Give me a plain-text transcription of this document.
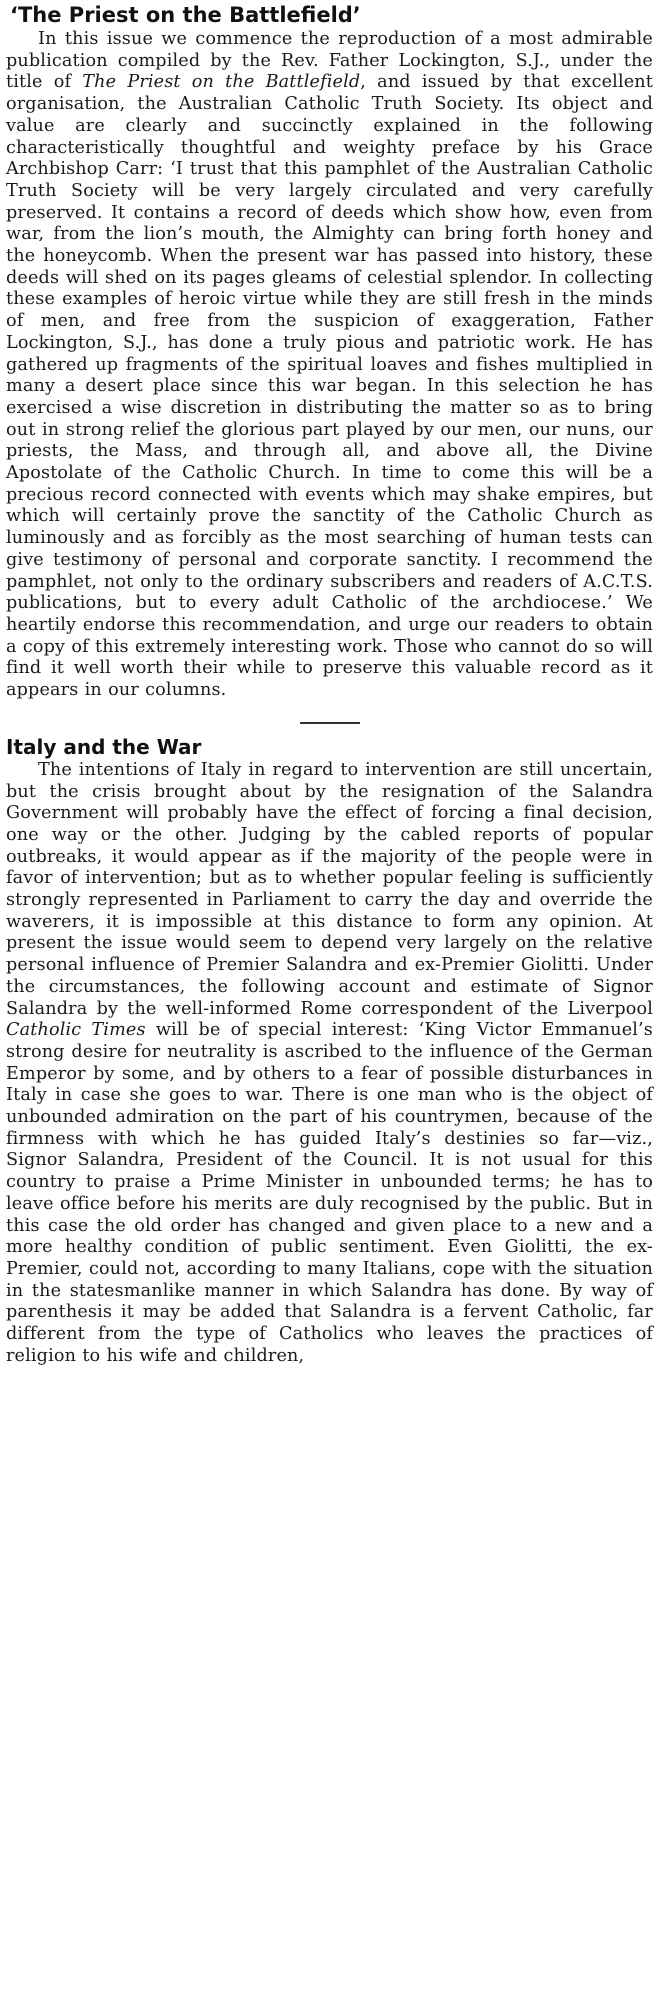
‘The Priest on the Battlefield’

In this issue we commence the reproduction of a most admirable publication compiled by the Rev. Father Lockington, S.J., under the title of The Priest on the Battlefield, and issued by that excellent organisation, the Australian Catholic Truth Society. Its object and value are clearly and succinctly explained in the following characteristically thoughtful and weighty preface by his Grace Archbishop Carr: ‘I trust that this pamphlet of the Australian Catholic Truth Society will be very largely circulated and very carefully preserved. It contains a record of deeds which show how, even from war, from the lion’s mouth, the Almighty can bring forth honey and the honeycomb. When the present war has passed into history, these deeds will shed on its pages gleams of celestial splendor. In collecting these examples of heroic virtue while they are still fresh in the minds of men, and free from the suspicion of exaggeration, Father Lockington, S.J., has done a truly pious and patriotic work. He has gathered up fragments of the spiritual loaves and fishes multiplied in many a desert place since this war began. In this selection he has exercised a wise discretion in distributing the matter so as to bring out in strong relief the glorious part played by our men, our nuns, our priests, the Mass, and through all, and above all, the Divine Apostolate of the Catholic Church. In time to come this will be a precious record connected with events which may shake empires, but which will certainly prove the sanctity of the Catholic Church as luminously and as forcibly as the most searching of human tests can give testimony of personal and corporate sanctity. I recommend the pamphlet, not only to the ordinary subscribers and readers of A.C.T.S. publications, but to every adult Catholic of the archdiocese.’ We heartily endorse this recommendation, and urge our readers to obtain a copy of this extremely interesting work. Those who cannot do so will find it well worth their while to preserve this valuable record as it appears in our columns.

Italy and the War

The intentions of Italy in regard to intervention are still uncertain, but the crisis brought about by the resignation of the Salandra Government will probably have the effect of forcing a final decision, one way or the other. Judging by the cabled reports of popular outbreaks, it would appear as if the majority of the people were in favor of intervention; but as to whether popular feeling is sufficiently strongly represented in Parliament to carry the day and override the waverers, it is impossible at this distance to form any opinion. At present the issue would seem to depend very largely on the relative personal influence of Premier Salandra and ex-Premier Giolitti. Under the circumstances, the following account and estimate of Signor Salandra by the well-informed Rome correspondent of the Liverpool Catholic Times will be of special interest: ‘King Victor Emmanuel’s strong desire for neutrality is ascribed to the influence of the German Emperor by some, and by others to a fear of possible disturbances in Italy in case she goes to war. There is one man who is the object of unbounded admiration on the part of his countrymen, because of the firmness with which he has guided Italy’s destinies so far—viz., Signor Salandra, President of the Council. It is not usual for this country to praise a Prime Minister in unbounded terms; he has to leave office before his merits are duly recognised by the public. But in this case the old order has changed and given place to a new and a more healthy condition of public sentiment. Even Giolitti, the ex-Premier, could not, according to many Italians, cope with the situation in the statesmanlike manner in which Salandra has done. By way of parenthesis it may be added that Salandra is a fervent Catholic, far different from the type of Catholics who leaves the practices of religion to his wife and children,
